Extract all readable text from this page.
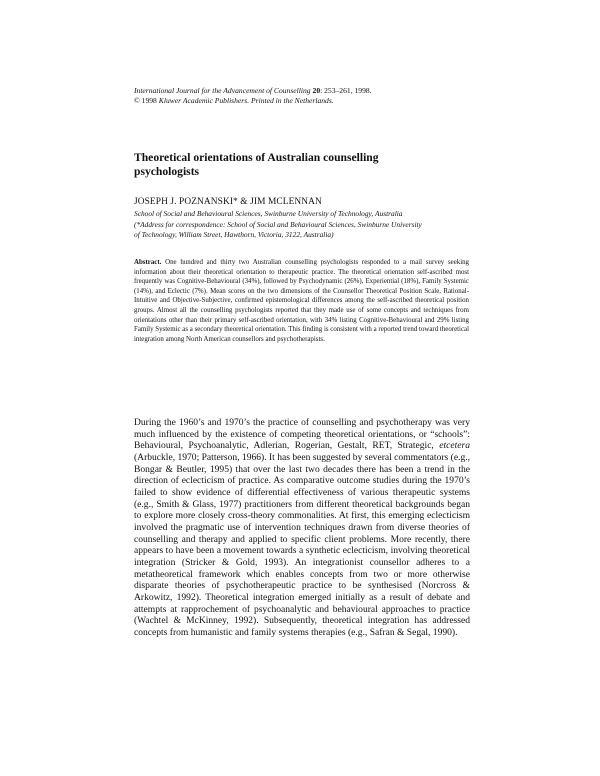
International Journal for the Advancement of Counselling 20: 253–261, 1998.
© 1998 Kluwer Academic Publishers. Printed in the Netherlands.
Theoretical orientations of Australian counselling
psychologists
JOSEPH J. POZNANSKI* & JIM MCLENNAN
School of Social and Behavioural Sciences, Swinburne University of Technology, Australia
(*Address for correspondence: School of Social and Behavioural Sciences, Swinburne University
of Technology, William Street, Hawthorn, Victoria, 3122, Australia)
Abstract. One hundred and thirty two Australian counselling psychologists responded to a mail survey seeking information about their theoretical orientation to therapeutic practice. The theoretical orientation self-ascribed most frequently was Cognitive-Behavioural (34%), followed by Psychodynamic (26%), Experiential (18%), Family Systemic (14%), and Eclectic (7%). Mean scores on the two dimensions of the Counsellor Theoretical Position Scale, Rational-Intuitive and Objective-Subjective, confirmed epistemological differences among the self-ascribed theoretical position groups. Almost all the counselling psychologists reported that they made use of some concepts and techniques from orientations other than their primary self-ascribed orientation, with 34% listing Cognitive-Behavioural and 29% listing Family Systemic as a secondary theoretical orientation. This finding is consistent with a reported trend toward theoretical integration among North American counsellors and psychotherapists.

During the 1960’s and 1970’s the practice of counselling and psychotherapy was very much influenced by the existence of competing theoretical orientations, or “schools”: Behavioural, Psychoanalytic, Adlerian, Rogerian, Gestalt, RET, Strategic, etcetera (Arbuckle, 1970; Patterson, 1966). It has been suggested by several commentators (e.g., Bongar & Beutler, 1995) that over the last two decades there has been a trend in the direction of eclecticism of practice. As comparative outcome studies during the 1970’s failed to show evidence of differential effectiveness of various therapeutic systems (e.g., Smith & Glass, 1977) practitioners from different theoretical backgrounds began to explore more closely cross-theory commonalities. At first, this emerging eclecticism involved the pragmatic use of intervention techniques drawn from diverse theories of counselling and therapy and applied to specific client problems. More recently, there appears to have been a movement towards a synthetic eclecticism, involving theoretical integration (Stricker & Gold, 1993). An integrationist counsellor adheres to a metatheoretical framework which enables concepts from two or more otherwise disparate theories of psychotherapeutic practice to be synthesised (Norcross & Arkowitz, 1992). Theoretical integration emerged initially as a result of debate and attempts at rapprochement of psychoanalytic and behavioural approaches to practice (Wachtel & McKinney, 1992). Subsequently, theoretical integration has addressed concepts from humanistic and family systems therapies (e.g., Safran & Segal, 1990).
